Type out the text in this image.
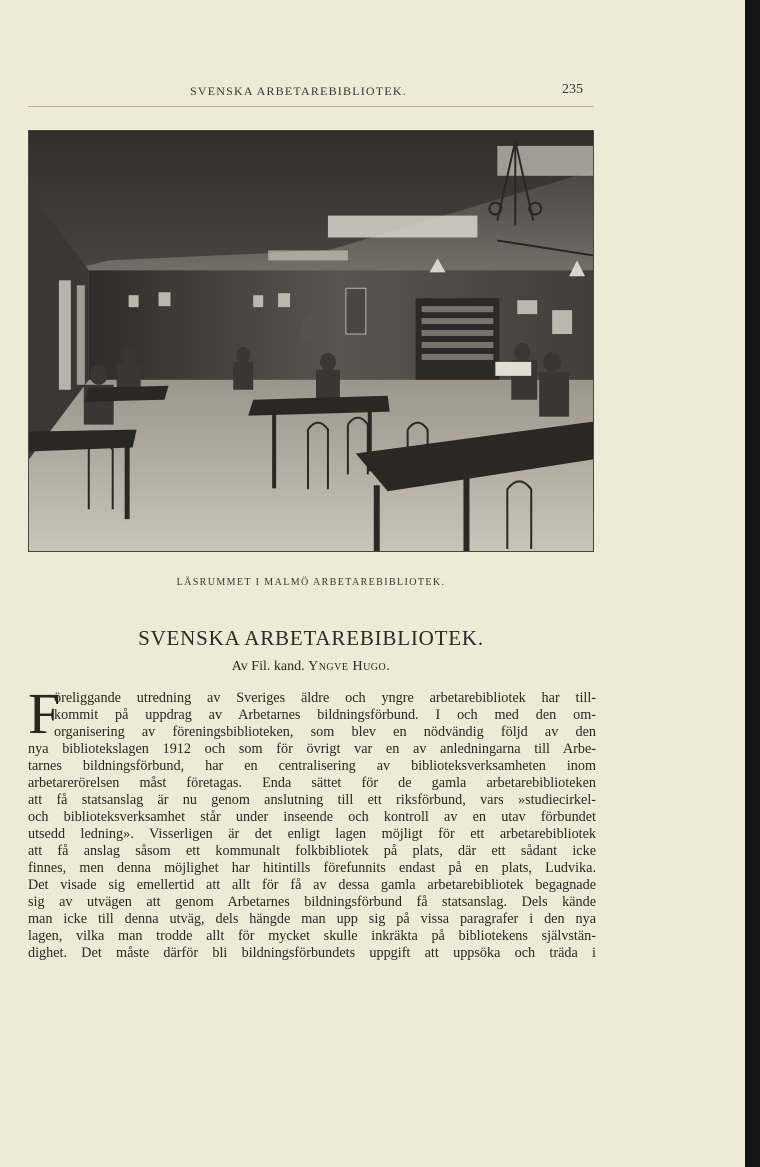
SVENSKA ARBETAREBIBLIOTEK.	235
LÄSRUMMET I MALMÖ ARBETAREBIBLIOTEK.
SVENSKA ARBETAREBIBLIOTEK.
Av Fil. kand. Yngve Hugo.
F
öreliggande utredning av Sveriges äldre och yngre arbetarebibliotek har till-
kommit på uppdrag av Arbetarnes bildningsförbund. I och med den om-
organisering av föreningsbiblioteken, som blev en nödvändig följd av den
nya bibliotekslagen 1912 och som för övrigt var en av anledningarna till Arbe-
tarnes bildningsförbund, har en centralisering av biblioteksverksamheten inom
arbetarerörelsen måst företagas. Enda sättet för de gamla arbetarebiblioteken
att få statsanslag är nu genom anslutning till ett riksförbund, vars »studiecirkel-
och biblioteksverksamhet står under inseende och kontroll av en utav förbundet
utsedd ledning». Visserligen är det enligt lagen möjligt för ett arbetarebibliotek
att få anslag såsom ett kommunalt folkbibliotek på plats, där ett sådant icke
finnes, men denna möjlighet har hitintills förefunnits endast på en plats, Ludvika.
Det visade sig emellertid att allt för få av dessa gamla arbetarebibliotek begagnade
sig av utvägen att genom Arbetarnes bildningsförbund få statsanslag. Dels kände
man icke till denna utväg, dels hängde man upp sig på vissa paragrafer i den nya
lagen, vilka man trodde allt för mycket skulle inkräkta på bibliotekens självstän-
dighet. Det måste därför bli bildningsförbundets uppgift att uppsöka och träda i
